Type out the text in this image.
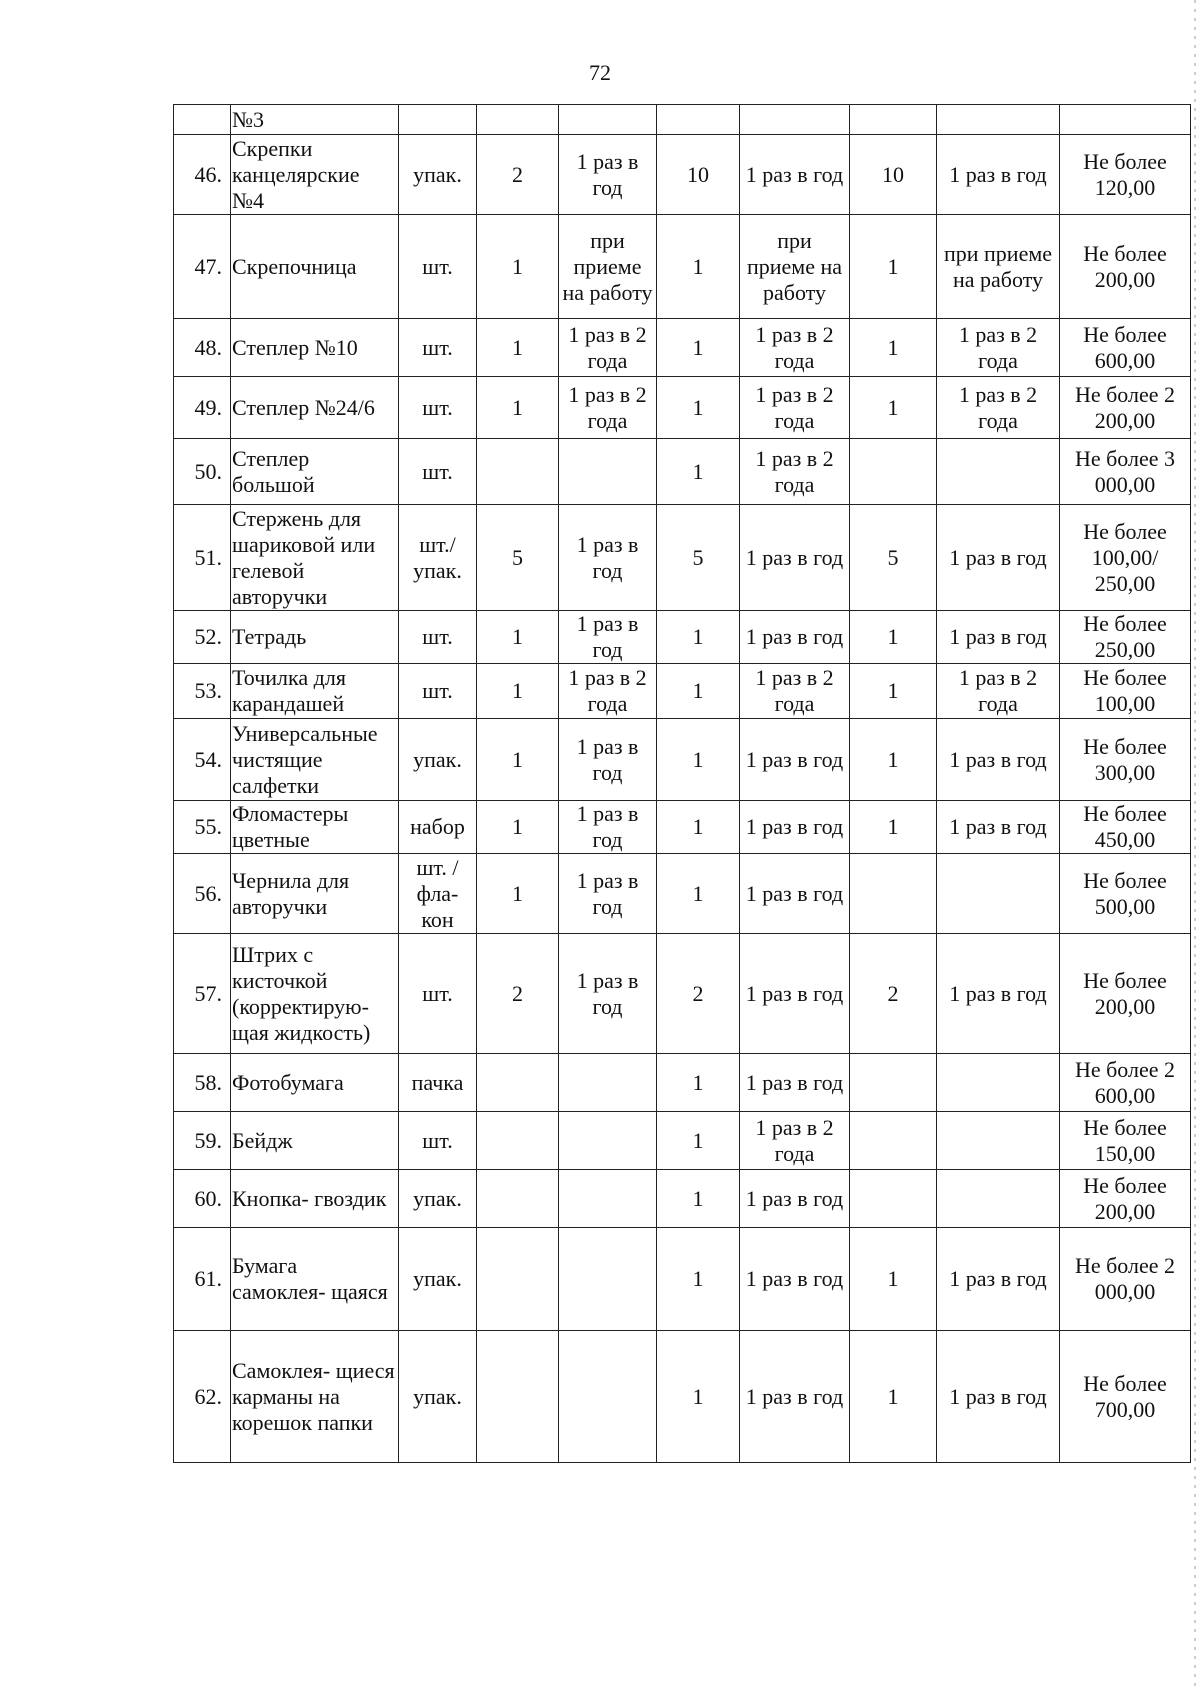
72
	№3								
46.	Скрепки канцелярские №4	упак.	2	1 раз в год	10	1 раз в год	10	1 раз в год	Не более 120,00
47.	Скрепочница	шт.	1	при приеме на работу	1	при приеме на работу	1	при приеме на работу	Не более 200,00
48.	Степлер №10	шт.	1	1 раз в 2 года	1	1 раз в 2 года	1	1 раз в 2 года	Не более 600,00
49.	Степлер №24/6	шт.	1	1 раз в 2 года	1	1 раз в 2 года	1	1 раз в 2 года	Не более 2 200,00
50.	Степлер большой	шт.			1	1 раз в 2 года			Не более 3 000,00
51.	Стержень для шариковой или гелевой авторучки	шт./ упак.	5	1 раз в год	5	1 раз в год	5	1 раз в год	Не более 100,00/ 250,00
52.	Тетрадь	шт.	1	1 раз в год	1	1 раз в год	1	1 раз в год	Не более 250,00
53.	Точилка для карандашей	шт.	1	1 раз в 2 года	1	1 раз в 2 года	1	1 раз в 2 года	Не более 100,00
54.	Универсальные чистящие салфетки	упак.	1	1 раз в год	1	1 раз в год	1	1 раз в год	Не более 300,00
55.	Фломастеры цветные	набор	1	1 раз в год	1	1 раз в год	1	1 раз в год	Не более 450,00
56.	Чернила для авторучки	шт. / фла- кон	1	1 раз в год	1	1 раз в год			Не более 500,00
57.	Штрих с кисточкой (корректирую- щая жидкость)	шт.	2	1 раз в год	2	1 раз в год	2	1 раз в год	Не более 200,00
58.	Фотобумага	пачка			1	1 раз в год			Не более 2 600,00
59.	Бейдж	шт.			1	1 раз в 2 года			Не более 150,00
60.	Кнопка- гвоздик	упак.			1	1 раз в год			Не более 200,00
61.	Бумага самоклея- щаяся	упак.			1	1 раз в год	1	1 раз в год	Не более 2 000,00
62.	Самоклея- щиеся карманы на корешок папки	упак.			1	1 раз в год	1	1 раз в год	Не более 700,00
